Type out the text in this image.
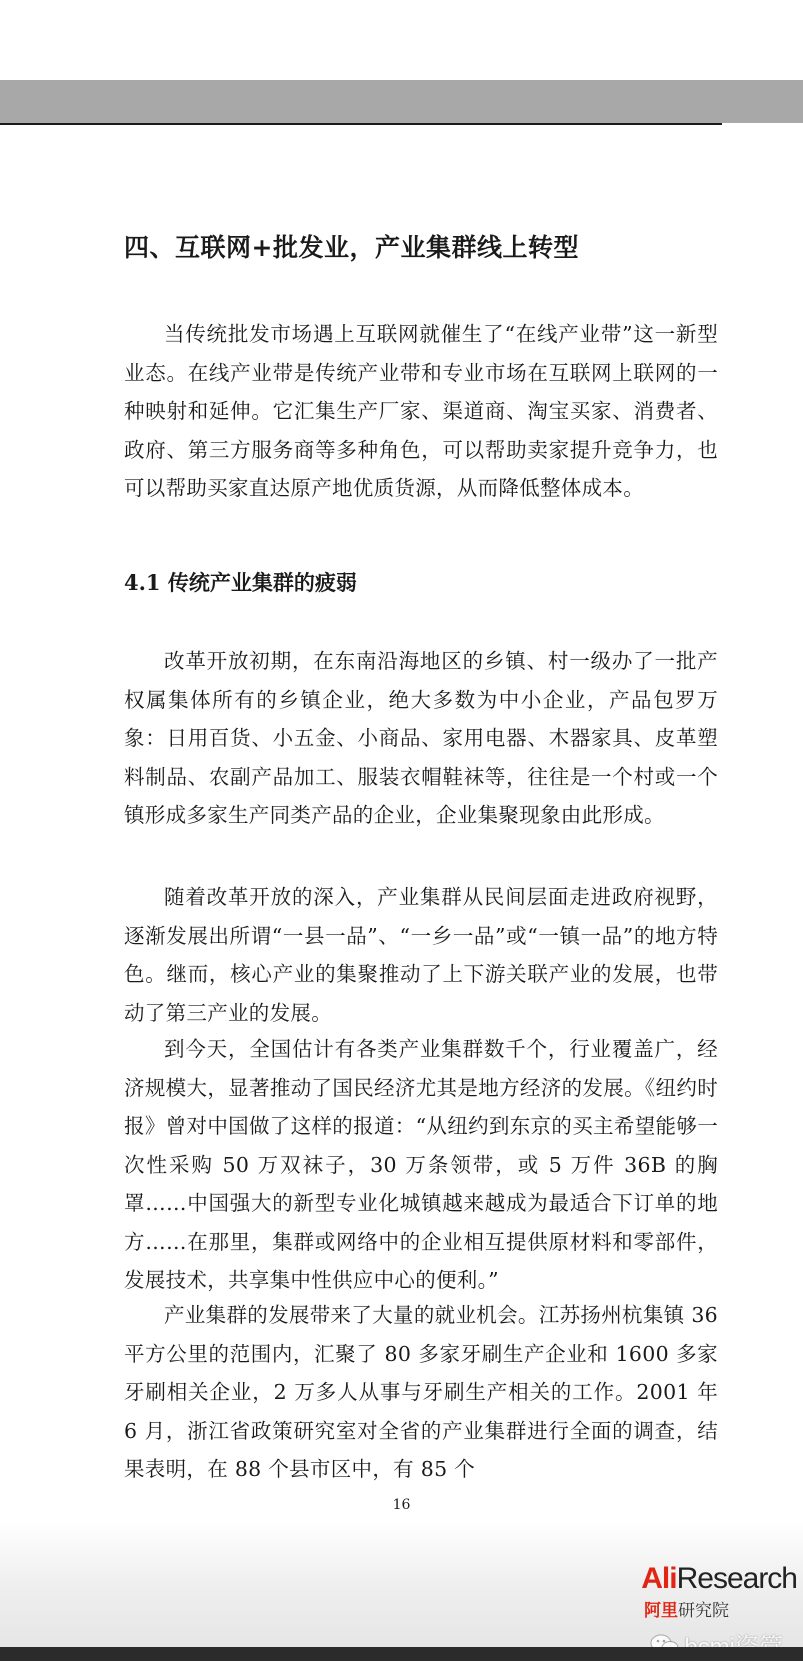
四、互联网+批发业，产业集群线上转型

当传统批发市场遇上互联网就催生了“在线产业带”这一新型业态。在线产业带是传统产业带和专业市场在互联网上联网的一种映射和延伸。它汇集生产厂家、渠道商、淘宝买家、消费者、政府、第三方服务商等多种角色，可以帮助卖家提升竞争力，也可以帮助买家直达原产地优质货源，从而降低整体成本。

4.1 传统产业集群的疲弱

改革开放初期，在东南沿海地区的乡镇、村一级办了一批产权属集体所有的乡镇企业，绝大多数为中小企业，产品包罗万象：日用百货、小五金、小商品、家用电器、木器家具、皮革塑料制品、农副产品加工、服装衣帽鞋袜等，往往是一个村或一个镇形成多家生产同类产品的企业，企业集聚现象由此形成。

随着改革开放的深入，产业集群从民间层面走进政府视野，逐渐发展出所谓“一县一品”、“一乡一品”或“一镇一品”的地方特色。继而，核心产业的集聚推动了上下游关联产业的发展，也带动了第三产业的发展。

到今天，全国估计有各类产业集群数千个，行业覆盖广，经济规模大，显著推动了国民经济尤其是地方经济的发展。《纽约时报》曾对中国做了这样的报道：“从纽约到东京的买主希望能够一次性采购 50 万双袜子，30 万条领带，或 5 万件 36B 的胸罩……中国强大的新型专业化城镇越来越成为最适合下订单的地方……在那里，集群或网络中的企业相互提供原材料和零部件，发展技术，共享集中性供应中心的便利。”

产业集群的发展带来了大量的就业机会。江苏扬州杭集镇 36 平方公里的范围内，汇聚了 80 多家牙刷生产企业和 1600 多家牙刷相关企业，2 万多人从事与牙刷生产相关的工作。2001 年 6 月，浙江省政策研究室对全省的产业集群进行全面的调查，结果表明，在 88 个县市区中，有 85 个

16
AliResearch
阿里研究院
